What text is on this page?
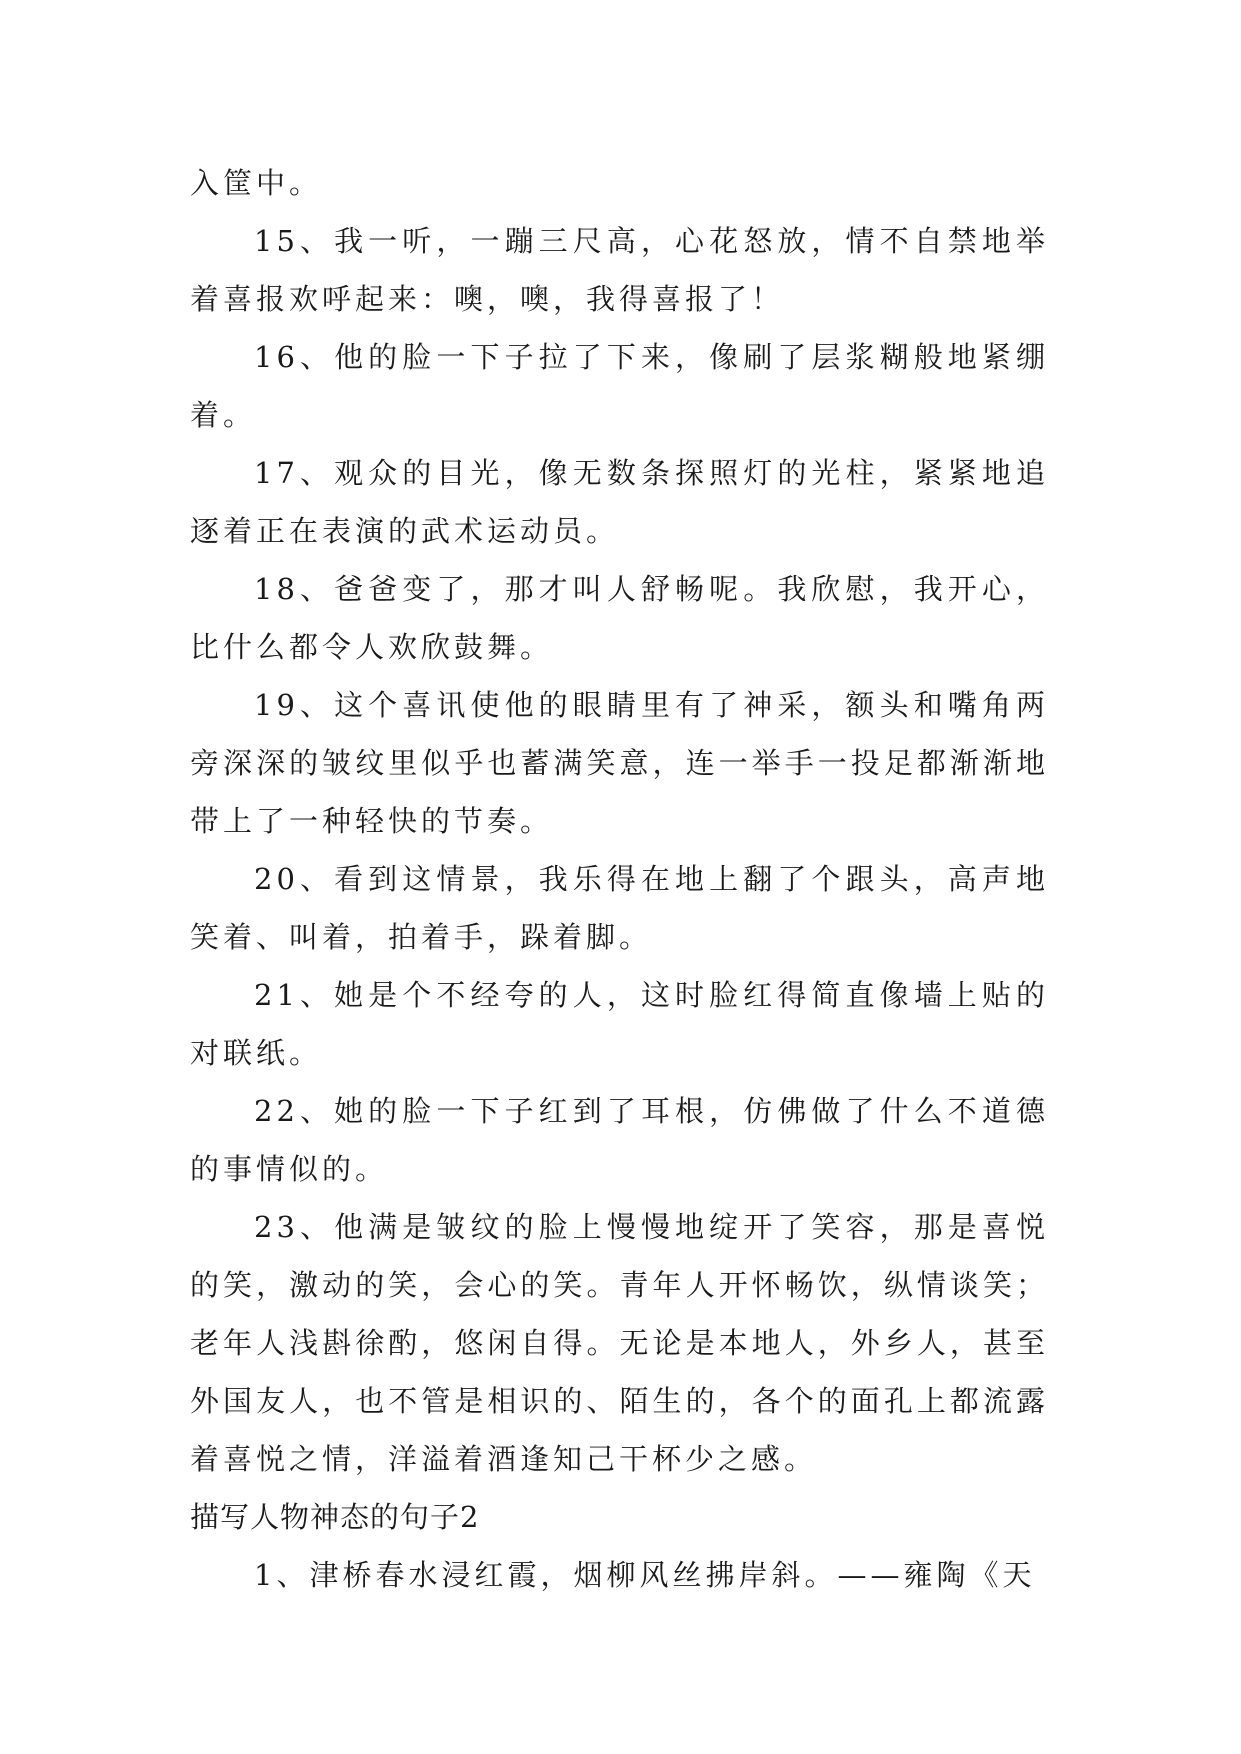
入筐中。

15、我一听，一蹦三尺高，心花怒放，情不自禁地举着喜报欢呼起来：噢，噢，我得喜报了！

16、他的脸一下子拉了下来，像刷了层浆糊般地紧绷着。

17、观众的目光，像无数条探照灯的光柱，紧紧地追逐着正在表演的武术运动员。

18、爸爸变了，那才叫人舒畅呢。我欣慰，我开心，比什么都令人欢欣鼓舞。

19、这个喜讯使他的眼睛里有了神采，额头和嘴角两旁深深的皱纹里似乎也蓄满笑意，连一举手一投足都渐渐地带上了一种轻快的节奏。

20、看到这情景，我乐得在地上翻了个跟头，高声地笑着、叫着，拍着手，跺着脚。

21、她是个不经夸的人，这时脸红得简直像墙上贴的对联纸。

22、她的脸一下子红到了耳根，仿佛做了什么不道德的事情似的。

23、他满是皱纹的脸上慢慢地绽开了笑容，那是喜悦的笑，激动的笑，会心的笑。青年人开怀畅饮，纵情谈笑；老年人浅斟徐酌，悠闲自得。无论是本地人，外乡人，甚至外国友人，也不管是相识的、陌生的，各个的面孔上都流露着喜悦之情，洋溢着酒逢知己干杯少之感。

描写人物神态的句子2

1、津桥春水浸红霞，烟柳风丝拂岸斜。——雍陶《天
